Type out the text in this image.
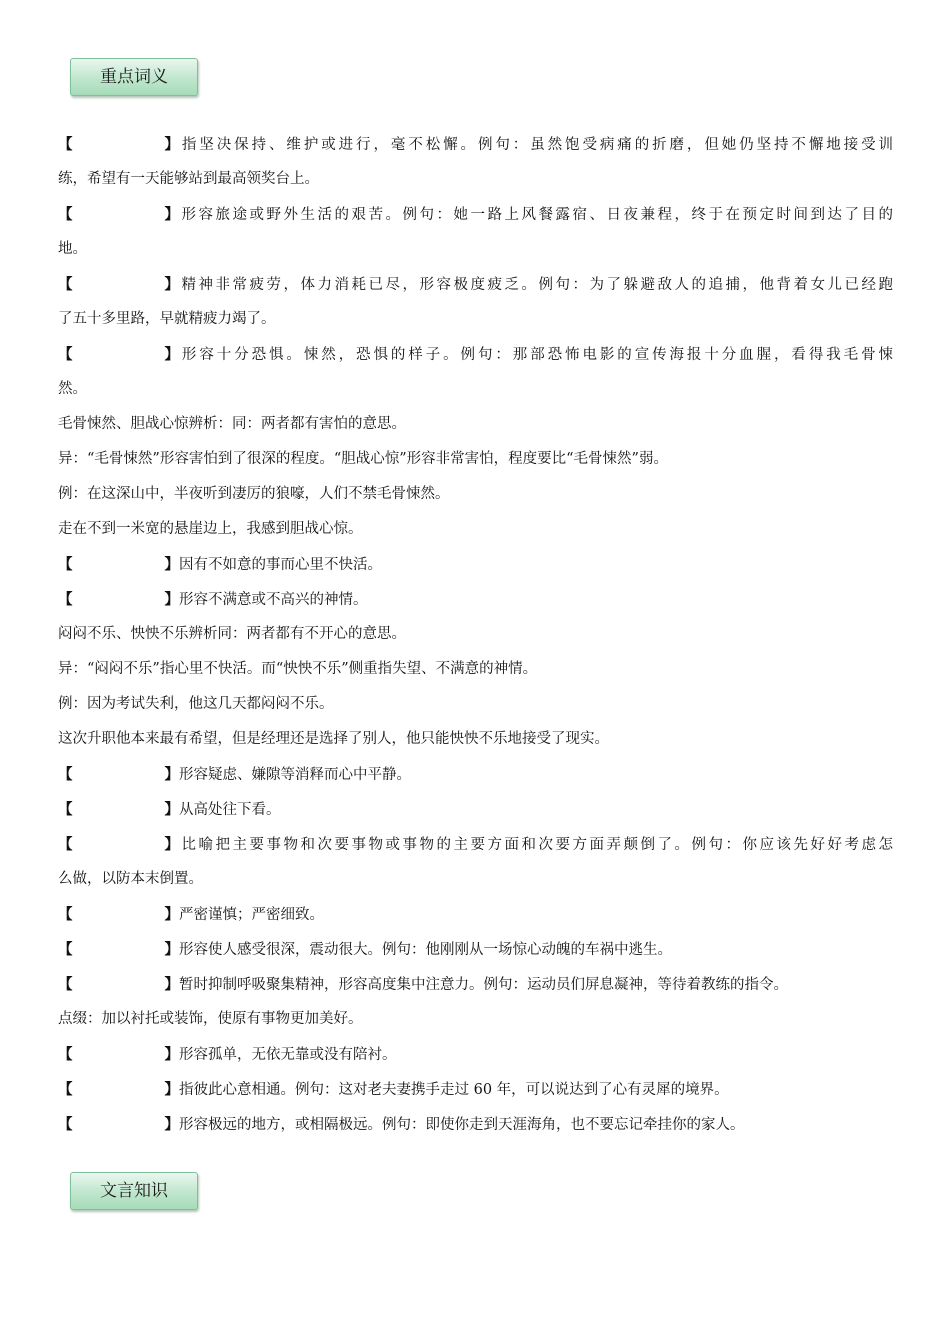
重点词义
【	】指坚决保持、维护或进行，毫不松懈。例句：虽然饱受病痛的折磨，但她仍坚持不懈地接受训
练，希望有一天能够站到最高领奖台上。
【	】形容旅途或野外生活的艰苦。例句：她一路上风餐露宿、日夜兼程，终于在预定时间到达了目的
地。
【	】精神非常疲劳，体力消耗已尽，形容极度疲乏。例句：为了躲避敌人的追捕，他背着女儿已经跑
了五十多里路，早就精疲力竭了。
【	】形容十分恐惧。悚然，恐惧的样子。例句：那部恐怖电影的宣传海报十分血腥，看得我毛骨悚
然。
毛骨悚然、胆战心惊辨析：同：两者都有害怕的意思。
异：“毛骨悚然”形容害怕到了很深的程度。“胆战心惊”形容非常害怕，程度要比“毛骨悚然”弱。
例：在这深山中，半夜听到凄厉的狼嚎，人们不禁毛骨悚然。
走在不到一米宽的悬崖边上，我感到胆战心惊。
【	】因有不如意的事而心里不快活。
【	】形容不满意或不高兴的神情。
闷闷不乐、怏怏不乐辨析同：两者都有不开心的意思。
异：“闷闷不乐”指心里不快活。而“怏怏不乐”侧重指失望、不满意的神情。
例：因为考试失利，他这几天都闷闷不乐。
这次升职他本来最有希望，但是经理还是选择了别人，他只能怏怏不乐地接受了现实。
【	】形容疑虑、嫌隙等消释而心中平静。
【	】从高处往下看。
【	】比喻把主要事物和次要事物或事物的主要方面和次要方面弄颠倒了。例句：你应该先好好考虑怎
么做，以防本末倒置。
【	】严密谨慎；严密细致。
【	】形容使人感受很深，震动很大。例句：他刚刚从一场惊心动魄的车祸中逃生。
【	】暂时抑制呼吸聚集精神，形容高度集中注意力。例句：运动员们屏息凝神，等待着教练的指令。
点缀：加以衬托或装饰，使原有事物更加美好。
【	】形容孤单，无依无靠或没有陪衬。
【	】指彼此心意相通。例句：这对老夫妻携手走过 60 年，可以说达到了心有灵犀的境界。
【	】形容极远的地方，或相隔极远。例句：即使你走到天涯海角，也不要忘记牵挂你的家人。
文言知识
